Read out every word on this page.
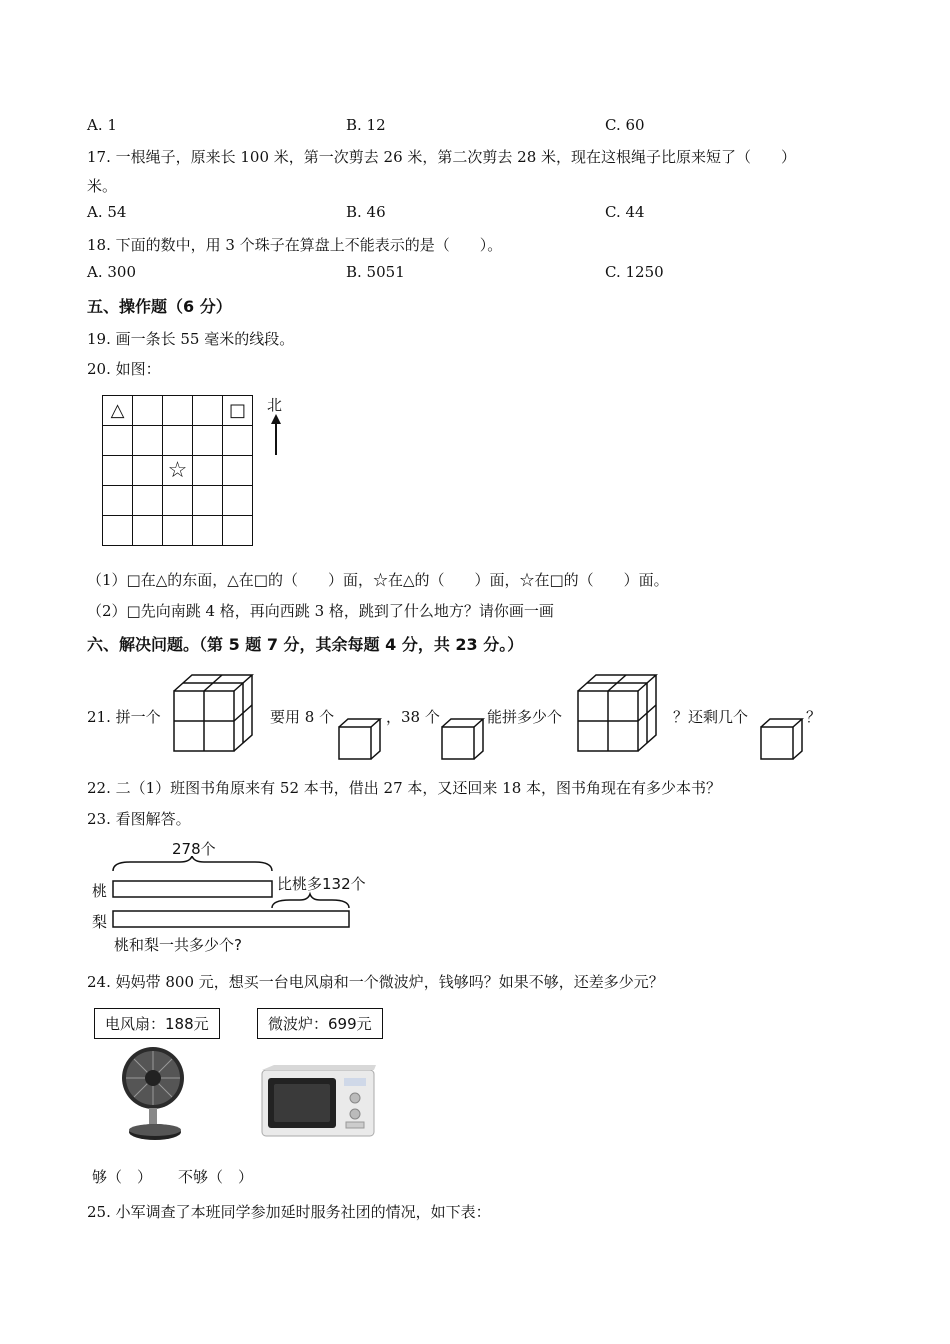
A. 1	B. 12	C. 60
17. 一根绳子，原来长 100 米，第一次剪去 26 米，第二次剪去 28 米，现在这根绳子比原来短了（　　）
米。
A. 54	B. 46	C. 44
18. 下面的数中，用 3 个珠子在算盘上不能表示的是（　　）。
A. 300	B. 5051	C. 1250
五、操作题（6 分）
19. 画一条长 55 毫米的线段。
20. 如图：
△				□

		☆		

北
（1）□在△的东面，△在□的（　　）面，☆在△的（　　）面，☆在□的（　　）面。
（2）□先向南跳 4 格，再向西跳 3 格，跳到了什么地方？请你画一画
六、解决问题。（第 5 题 7 分，其余每题 4 分，共 23 分。）
21. 拼一个	要用 8 个	，38 个	能拼多少个	？还剩几个	？
22. 二（1）班图书角原来有 52 本书，借出 27 本，又还回来 18 本，图书角现在有多少本书？
23. 看图解答。
278个
桃
梨
比桃多132个
桃和梨一共多少个?
24. 妈妈带 800 元，想买一台电风扇和一个微波炉，钱够吗？如果不够，还差多少元？
电风扇：188元	微波炉：699元
够（　） 不够（　）
25. 小军调查了本班同学参加延时服务社团的情况，如下表：
